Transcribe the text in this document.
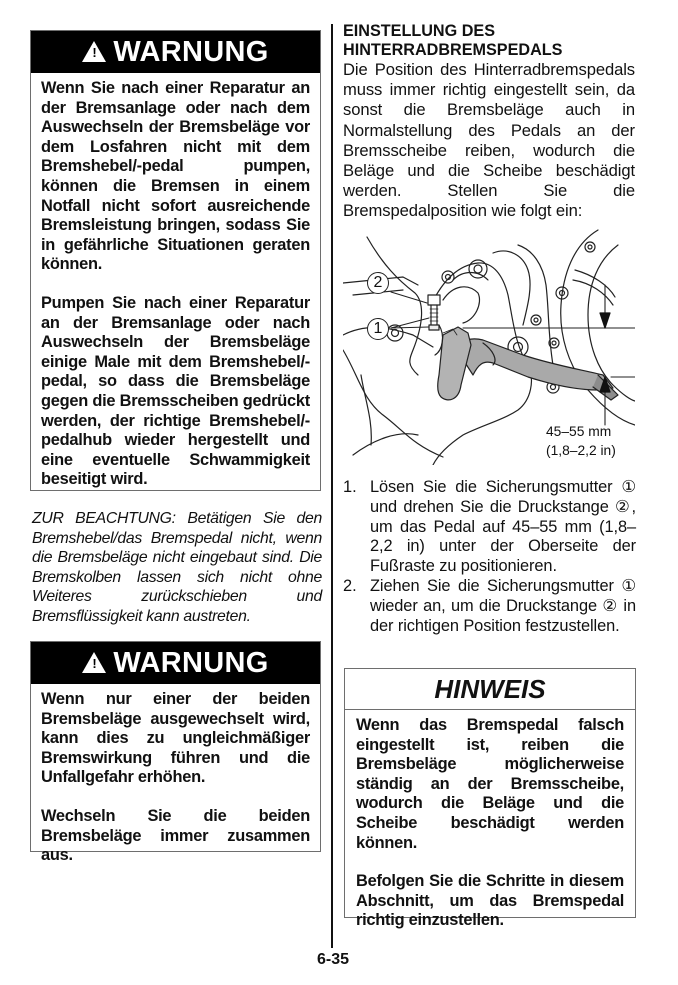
! WARNUNG

Wenn Sie nach einer Reparatur an der Bremsanlage oder nach dem Auswechseln der Bremsbeläge vor dem Losfahren nicht mit dem Bremshebel/-pedal pumpen, können die Bremsen in einem Notfall nicht sofort ausreichende Bremsleistung bringen, sodass Sie in gefährliche Situationen geraten können.

Pumpen Sie nach einer Reparatur an der Bremsanlage oder nach Auswechseln der Bremsbeläge einige Male mit dem Bremshebel/-pedal, so dass die Bremsbeläge gegen die Bremsscheiben gedrückt werden, der richtige Bremshebel/-pedalhub wieder hergestellt und eine eventuelle Schwammigkeit beseitigt wird.

ZUR BEACHTUNG: Betätigen Sie den Bremshebel/das Bremspedal nicht, wenn die Bremsbeläge nicht eingebaut sind. Die Bremskolben lassen sich nicht ohne Weiteres zurückschieben und Bremsflüssigkeit kann austreten.
! WARNUNG

Wenn nur einer der beiden Bremsbeläge ausgewechselt wird, kann dies zu ungleichmäßiger Bremswirkung führen und die Unfallgefahr erhöhen.

Wechseln Sie die beiden Bremsbeläge immer zusammen aus.

EINSTELLUNG DES
HINTERRADBREMSPEDALS
Die Position des Hinterradbremspedals muss immer richtig eingestellt sein, da sonst die Bremsbeläge auch in Normalstellung des Pedals an der Bremsscheibe reiben, wodurch die Beläge und die Scheibe beschädigt werden. Stellen Sie die Bremspedalposition wie folgt ein:
2
1
45–55 mm
(1,8–2,2 in)
1. Lösen Sie die Sicherungsmutter ① und drehen Sie die Druckstange ②, um das Pedal auf 45–55 mm (1,8–2,2 in) unter der Oberseite der Fußraste zu positionieren.
2. Ziehen Sie die Sicherungsmutter ① wieder an, um die Druckstange ② in der richtigen Position festzustellen.
HINWEIS

Wenn das Bremspedal falsch eingestellt ist, reiben die Bremsbeläge möglicherweise ständig an der Bremsscheibe, wodurch die Beläge und die Scheibe beschädigt werden können.

Befolgen Sie die Schritte in diesem Abschnitt, um das Bremspedal richtig einzustellen.

6-35
